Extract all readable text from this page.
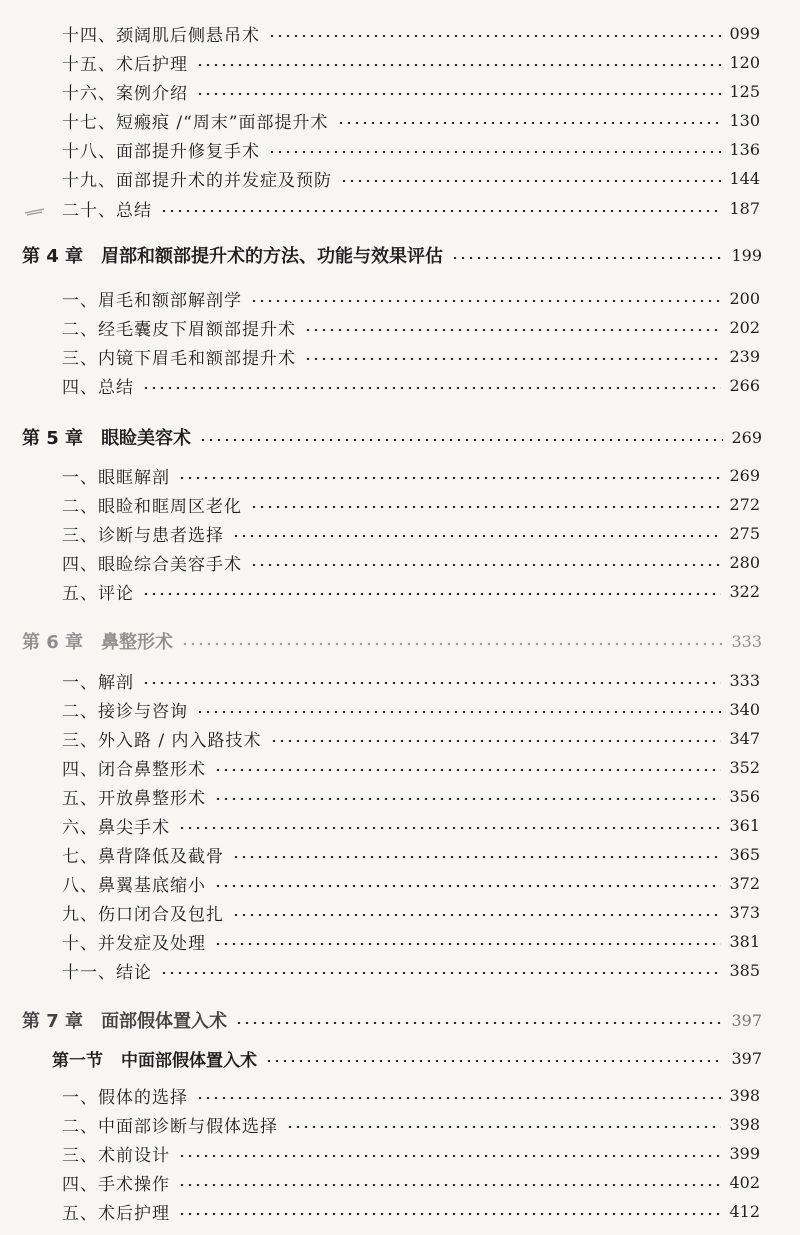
十四、颈阔肌后侧悬吊术	099
十五、术后护理	120
十六、案例介绍	125
十七、短瘢痕 /“周末”面部提升术	130
十八、面部提升修复手术	136
十九、面部提升术的并发症及预防	144
二十、总结	187
第 4 章 眉部和额部提升术的方法、功能与效果评估	199
一、眉毛和额部解剖学	200
二、经毛囊皮下眉额部提升术	202
三、内镜下眉毛和额部提升术	239
四、总结	266
第 5 章 眼睑美容术	269
一、眼眶解剖	269
二、眼睑和眶周区老化	272
三、诊断与患者选择	275
四、眼睑综合美容手术	280
五、评论	322
第 6 章 鼻整形术	333
一、解剖	333
二、接诊与咨询	340
三、外入路 / 内入路技术	347
四、闭合鼻整形术	352
五、开放鼻整形术	356
六、鼻尖手术	361
七、鼻背降低及截骨	365
八、鼻翼基底缩小	372
九、伤口闭合及包扎	373
十、并发症及处理	381
十一、结论	385
第 7 章 面部假体置入术	397
第一节 中面部假体置入术	397
一、假体的选择	398
二、中面部诊断与假体选择	398
三、术前设计	399
四、手术操作	402
五、术后护理	412
